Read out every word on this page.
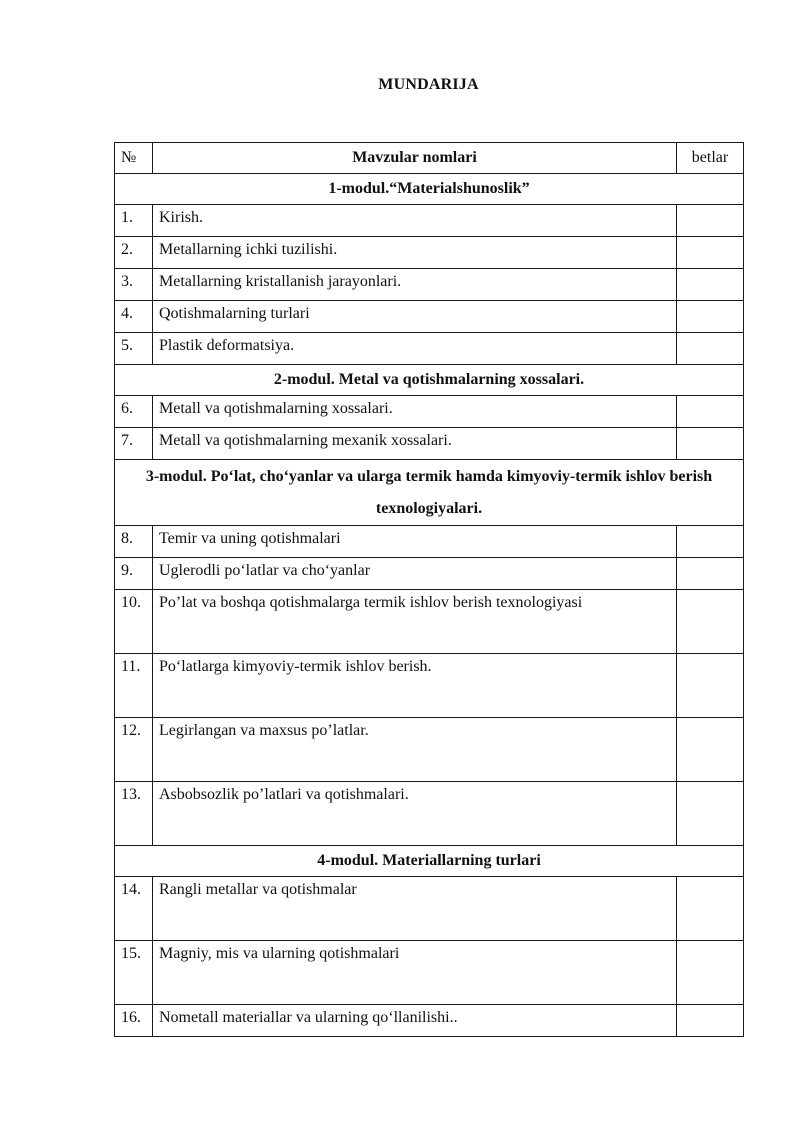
MUNDARIJA
№	Mavzular nomlari	betlar
1-modul.“Materialshunoslik”		
1.	Kirish.	
2.	Metallarning ichki tuzilishi.	
3.	Metallarning kristallanish jarayonlari.	
4.	Qotishmalarning turlari	
5.	Plastik deformatsiya.	
2-modul. Metal va qotishmalarning xossalari.		
6.	Metall va qotishmalarning xossalari.	
7.	Metall va qotishmalarning mexanik xossalari.	
3-modul. Po‘lat, cho‘yanlar va ularga termik hamda kimyoviy-termik ishlov berish texnologiyalari.		
8.	Temir va uning qotishmalari	
9.	Uglerodli po‘latlar va cho‘yanlar	
10.	Po’lat va boshqa qotishmalarga termik ishlov berish texnologiyasi	
11.	Po‘latlarga kimyoviy-termik ishlov berish.	
12.	Legirlangan va maxsus po’latlar.	
13.	Asbobsozlik po’latlari va qotishmalari.	
4-modul. Materiallarning turlari		
14.	Rangli metallar va qotishmalar	
15.	Magniy, mis va ularning qotishmalari	
16.	Nometall materiallar va ularning qo‘llanilishi..	
